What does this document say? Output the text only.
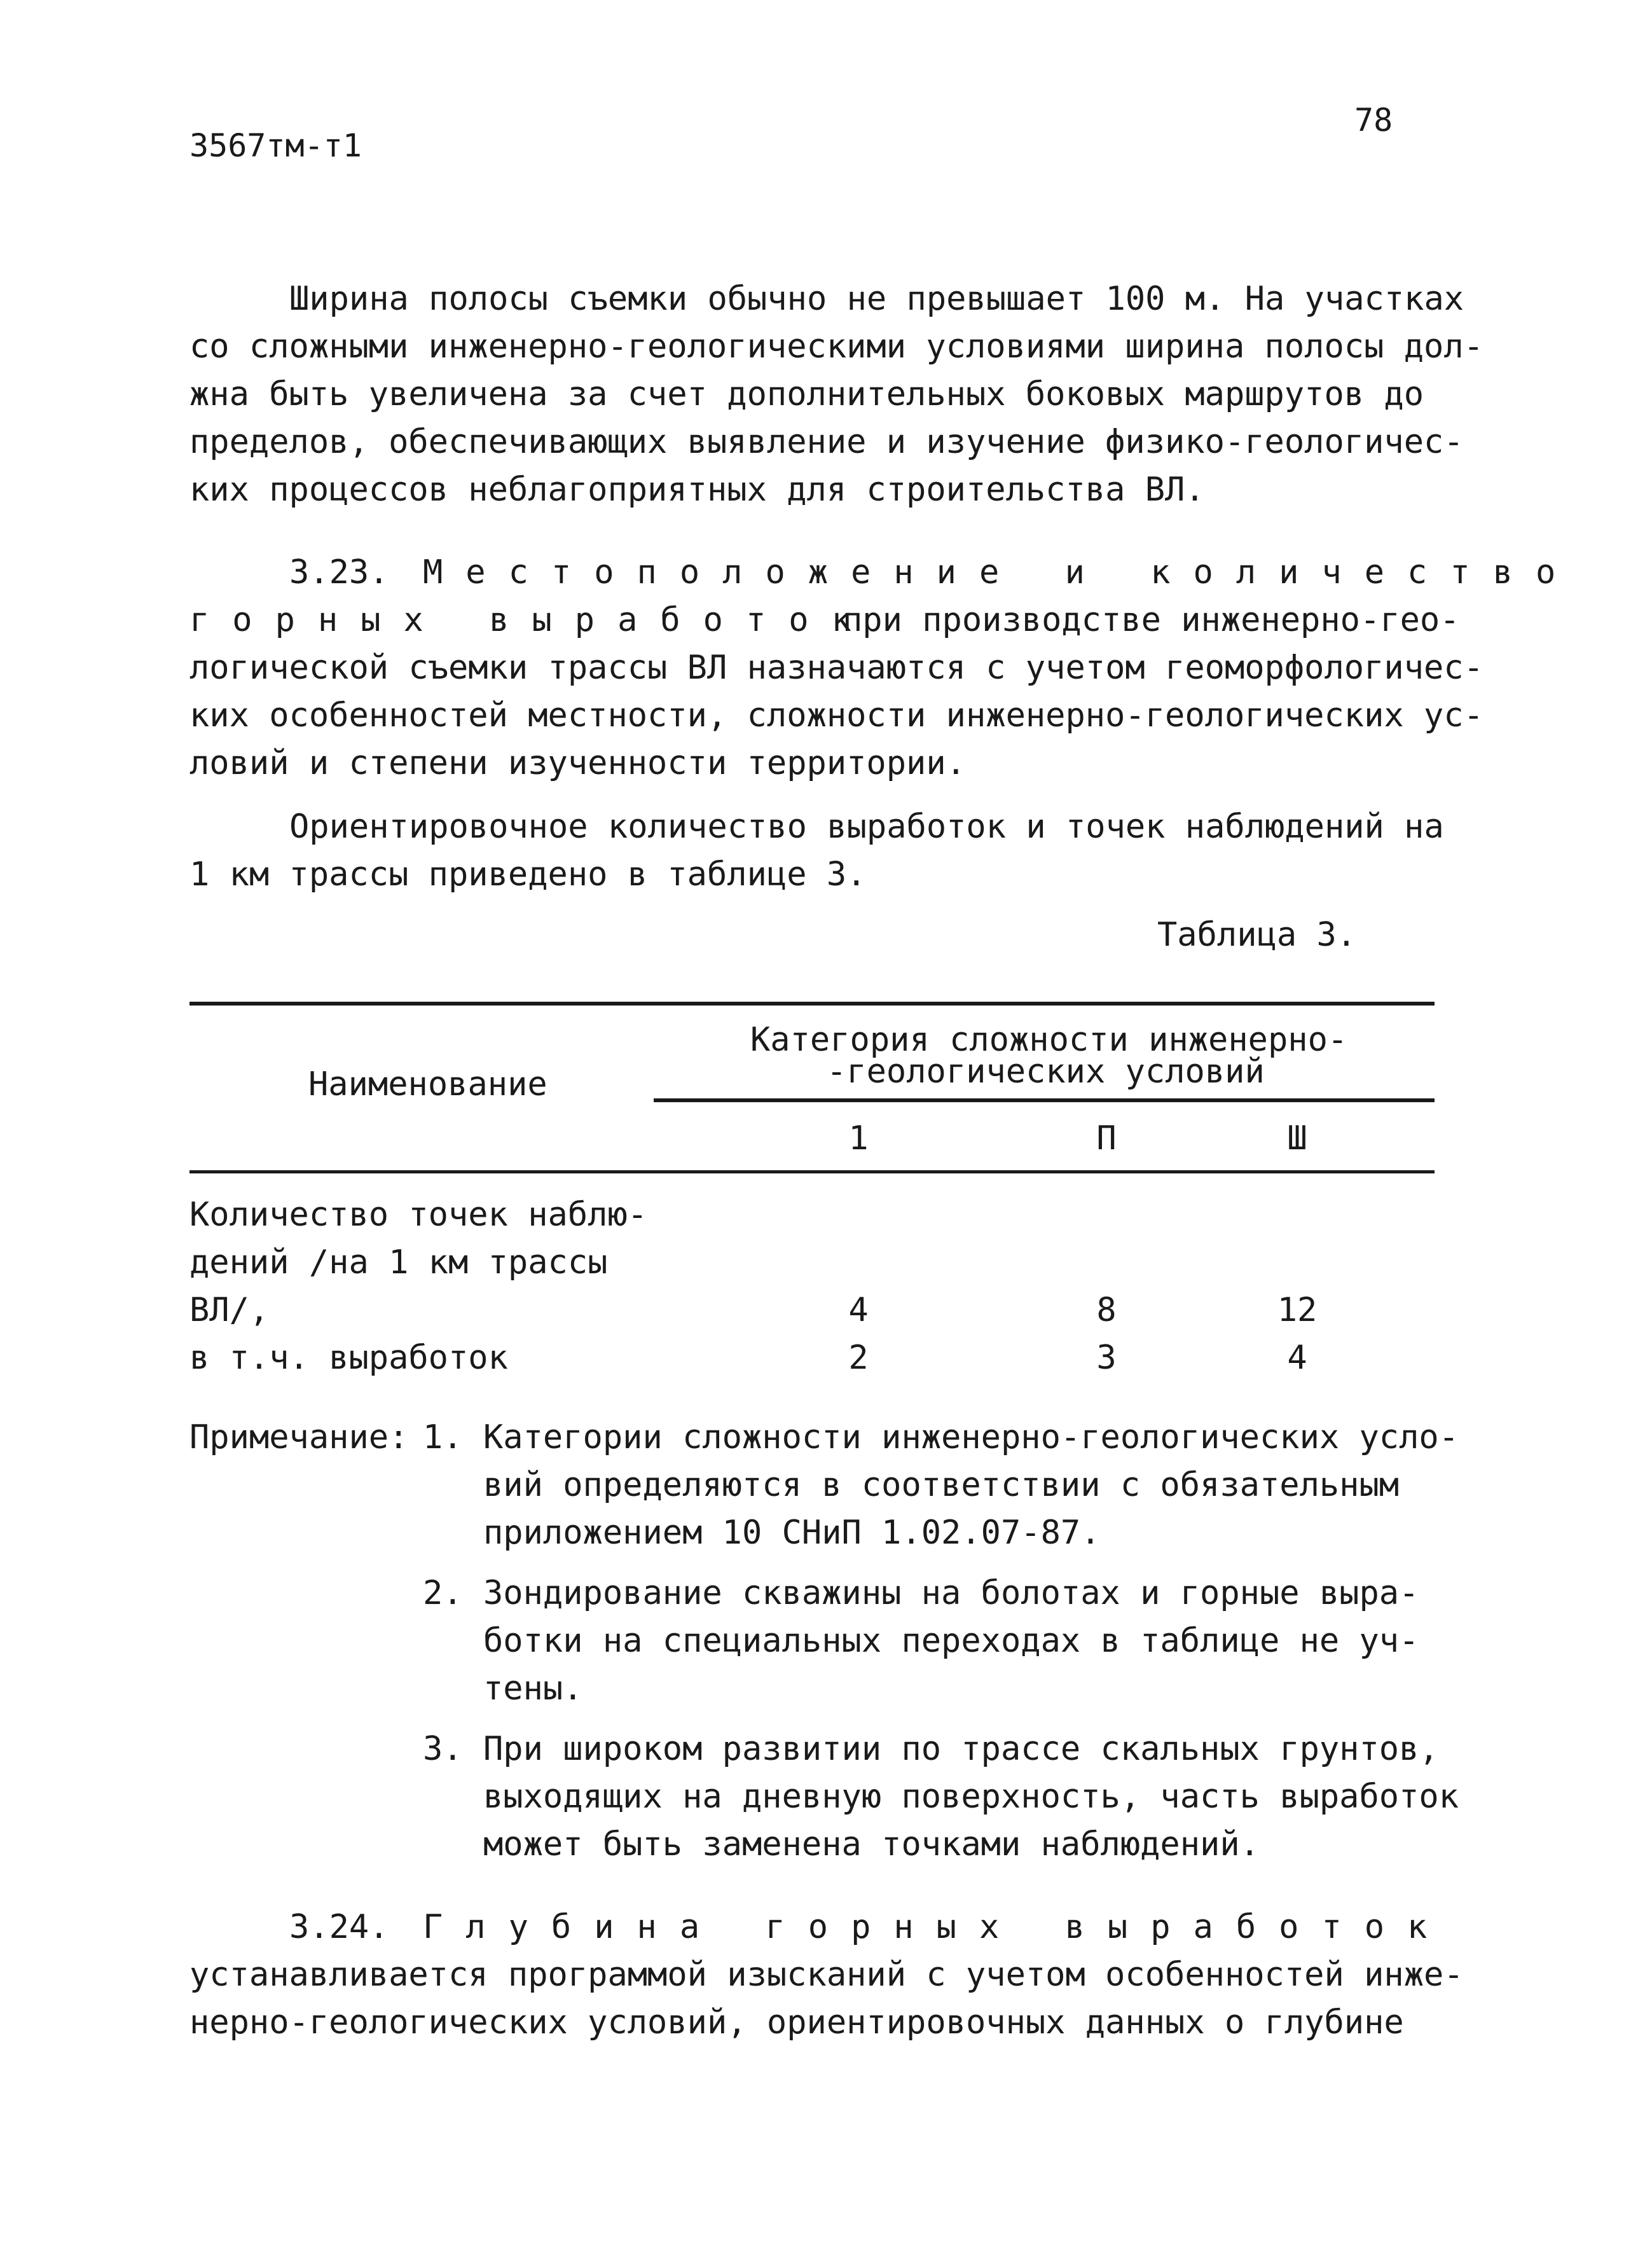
3567тм-т1
78
Ширина полосы съемки обычно не превышает 100 м. На участках
со сложными инженерно-геологическими условиями ширина полосы дол-
жна быть увеличена за счет дополнительных боковых маршрутов до
пределов, обеспечивающих выявление и изучение физико-геологичес-
ких процессов неблагоприятных для строительства ВЛ.
3.23. Местоположение и количество
горных выработок
при производстве инженерно-гео-
логической съемки трассы ВЛ назначаются с учетом геоморфологичес-
ких особенностей местности, сложности инженерно-геологических ус-
ловий и степени изученности территории.
Ориентировочное количество выработок и точек наблюдений на
1 км трассы приведено в таблице 3.
Таблица 3.
Наименование
Категория сложности инженерно-
-геологических условий
1	П	Ш
Количество точек наблю-
дений /на 1 км трассы
ВЛ/,	4	8	12
в т.ч. выработок	2	3	4
Примечание: 1. Категории сложности инженерно-геологических усло-
вий определяются в соответствии с обязательным
приложением 10 СНиП 1.02.07-87.
2. Зондирование скважины на болотах и горные выра-
ботки на специальных переходах в таблице не уч-
тены.
3. При широком развитии по трассе скальных грунтов,
выходящих на дневную поверхность, часть выработок
может быть заменена точками наблюдений.
3.24. Глубина горных выработок
устанавливается программой изысканий с учетом особенностей инже-
нерно-геологических условий, ориентировочных данных о глубине
